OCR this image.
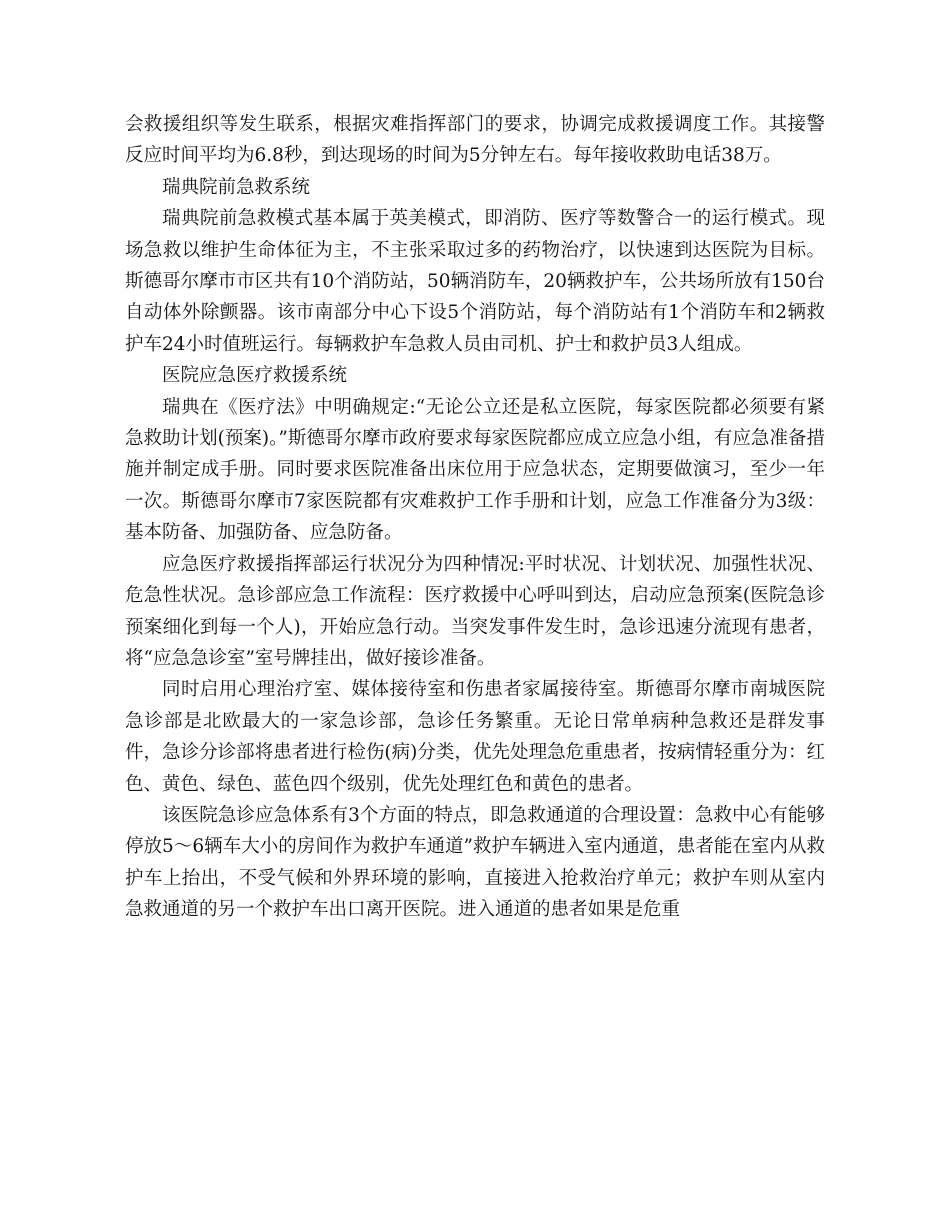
会救援组织等发生联系，根据灾难指挥部门的要求，协调完成救援调度工作。其接警反应时间平均为6.8秒，到达现场的时间为5分钟左右。每年接收救助电话38万。

瑞典院前急救系统

瑞典院前急救模式基本属于英美模式，即消防、医疗等数警合一的运行模式。现场急救以维护生命体征为主，不主张采取过多的药物治疗，以快速到达医院为目标。斯德哥尔摩市市区共有10个消防站，50辆消防车，20辆救护车，公共场所放有150台自动体外除颤器。该市南部分中心下设5个消防站，每个消防站有1个消防车和2辆救护车24小时值班运行。每辆救护车急救人员由司机、护士和救护员3人组成。

医院应急医疗救援系统

瑞典在《医疗法》中明确规定:“无论公立还是私立医院，每家医院都必须要有紧急救助计划(预案)。”斯德哥尔摩市政府要求每家医院都应成立应急小组，有应急准备措施并制定成手册。同时要求医院准备出床位用于应急状态，定期要做演习，至少一年一次。斯德哥尔摩市7家医院都有灾难救护工作手册和计划，应急工作准备分为3级：基本防备、加强防备、应急防备。

应急医疗救援指挥部运行状况分为四种情况:平时状况、计划状况、加强性状况、危急性状况。急诊部应急工作流程：医疗救援中心呼叫到达，启动应急预案(医院急诊预案细化到每一个人)，开始应急行动。当突发事件发生时，急诊迅速分流现有患者，将“应急急诊室”室号牌挂出，做好接诊准备。

同时启用心理治疗室、媒体接待室和伤患者家属接待室。斯德哥尔摩市南城医院急诊部是北欧最大的一家急诊部，急诊任务繁重。无论日常单病种急救还是群发事件，急诊分诊部将患者进行检伤(病)分类，优先处理急危重患者，按病情轻重分为：红色、黄色、绿色、蓝色四个级别，优先处理红色和黄色的患者。

该医院急诊应急体系有3个方面的特点，即急救通道的合理设置：急救中心有能够停放5～6辆车大小的房间作为救护车通道”救护车辆进入室内通道，患者能在室内从救护车上抬出，不受气候和外界环境的影响，直接进入抢救治疗单元；救护车则从室内急救通道的另一个救护车出口离开医院。进入通道的患者如果是危重
